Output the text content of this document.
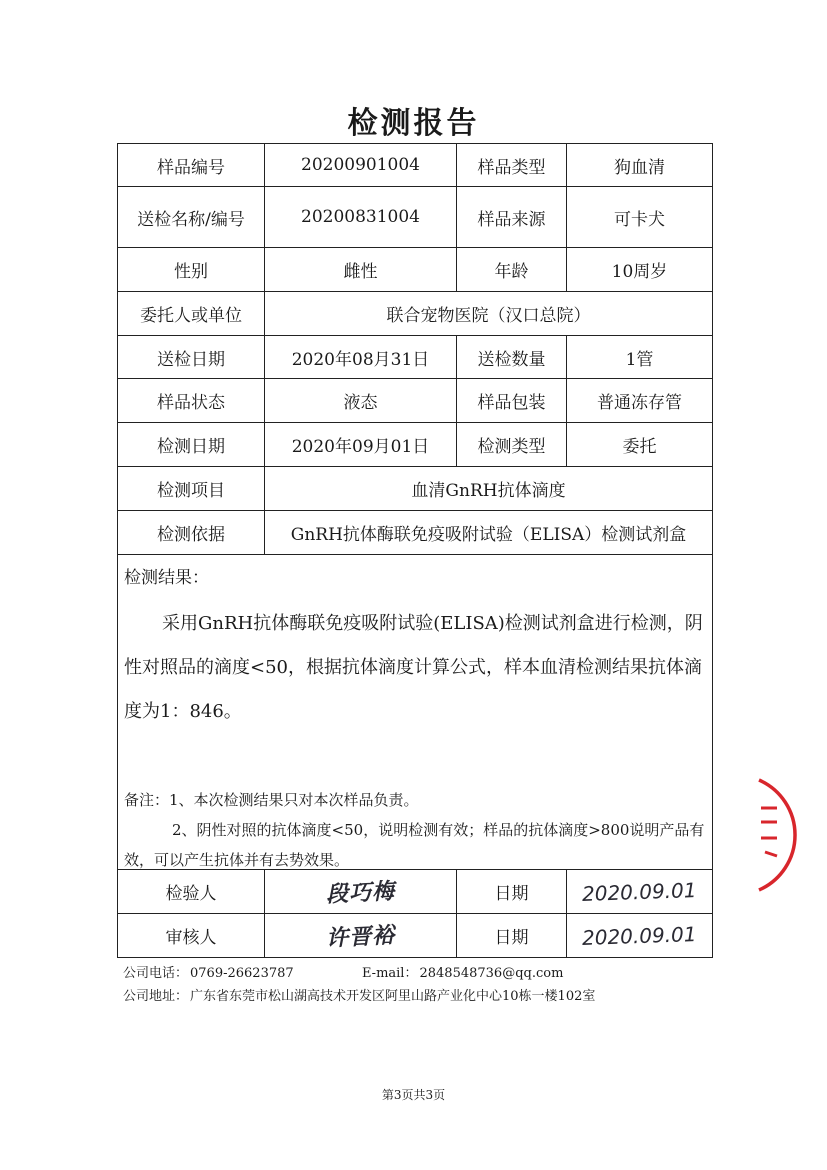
检测报告
样品编号	20200901004	样品类型	狗血清
送检名称/编号	20200831004	样品来源	可卡犬
性别	雌性	年龄	10周岁
委托人或单位	联合宠物医院（汉口总院）		
送检日期	2020年08月31日	送检数量	1管
样品状态	液态	样品包装	普通冻存管
检测日期	2020年09月01日	检测类型	委托
检测项目	血清GnRH抗体滴度		
检测依据	GnRH抗体酶联免疫吸附试验（ELISA）检测试剂盒		

检测结果：
采用GnRH抗体酶联免疫吸附试验(ELISA)检测试剂盒进行检测，阴性对照品的滴度<50，根据抗体滴度计算公式，样本血清检测结果抗体滴度为1：846。
备注：1、本次检测结果只对本次样品负责。
2、阴性对照的抗体滴度<50，说明检测有效；样品的抗体滴度>800说明产品有效，可以产生抗体并有去势效果。			

检验人	段巧梅	日期	2020.09.01
审核人	许晋裕	日期	2020.09.01
公司电话： 0769-26623787	E-mail： 2848548736@qq.com
公司地址： 广东省东莞市松山湖高技术开发区阿里山路产业化中心10栋一楼102室
第3页共3页
